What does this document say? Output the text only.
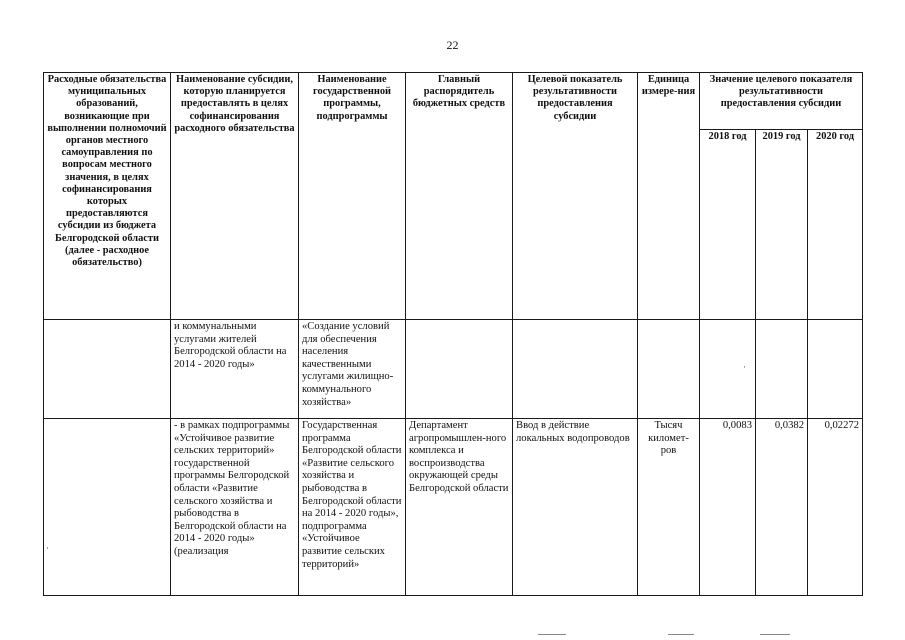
22
Расходные обязательства муниципальных образований, возникающие при выполнении полномочий органов местного самоуправления по вопросам местного значения, в целях софинансирования которых предоставляются субсидии из бюджета Белгородской области (далее - расходное обязательство)	Наименование субсидии, которую планируется предоставлять в целях софинансирования расходного обязательства	Наименование государственной программы, подпрограммы	Главный распорядитель бюджетных средств	Целевой показатель результативности предоставления субсидии	Единица измере-ния	Значение целевого показателя результативности предоставления субсидии		
						2018 год	2019 год	2020 год
	и коммунальными услугами жителей Белгородской области на 2014 - 2020 годы»	«Создание условий для обеспечения населения качественными услугами жилищно-коммунального хозяйства»						
	- в рамках подпрограммы «Устойчивое развитие сельских территорий» государственной программы Белгородской области «Развитие сельского хозяйства и рыбоводства в Белгородской области на 2014 - 2020 годы» (реализация	Государственная программа Белгородской области «Развитие сельского хозяйства и рыбоводства в Белгородской области на 2014 - 2020 годы», подпрограмма «Устойчивое развитие сельских территорий»	Департамент агропромышлен-ного комплекса и воспроизводства окружающей среды Белгородской области	Ввод в действие локальных водопроводов	Тысяч километ-ров	0,0083	0,0382	0,02272
·
·
